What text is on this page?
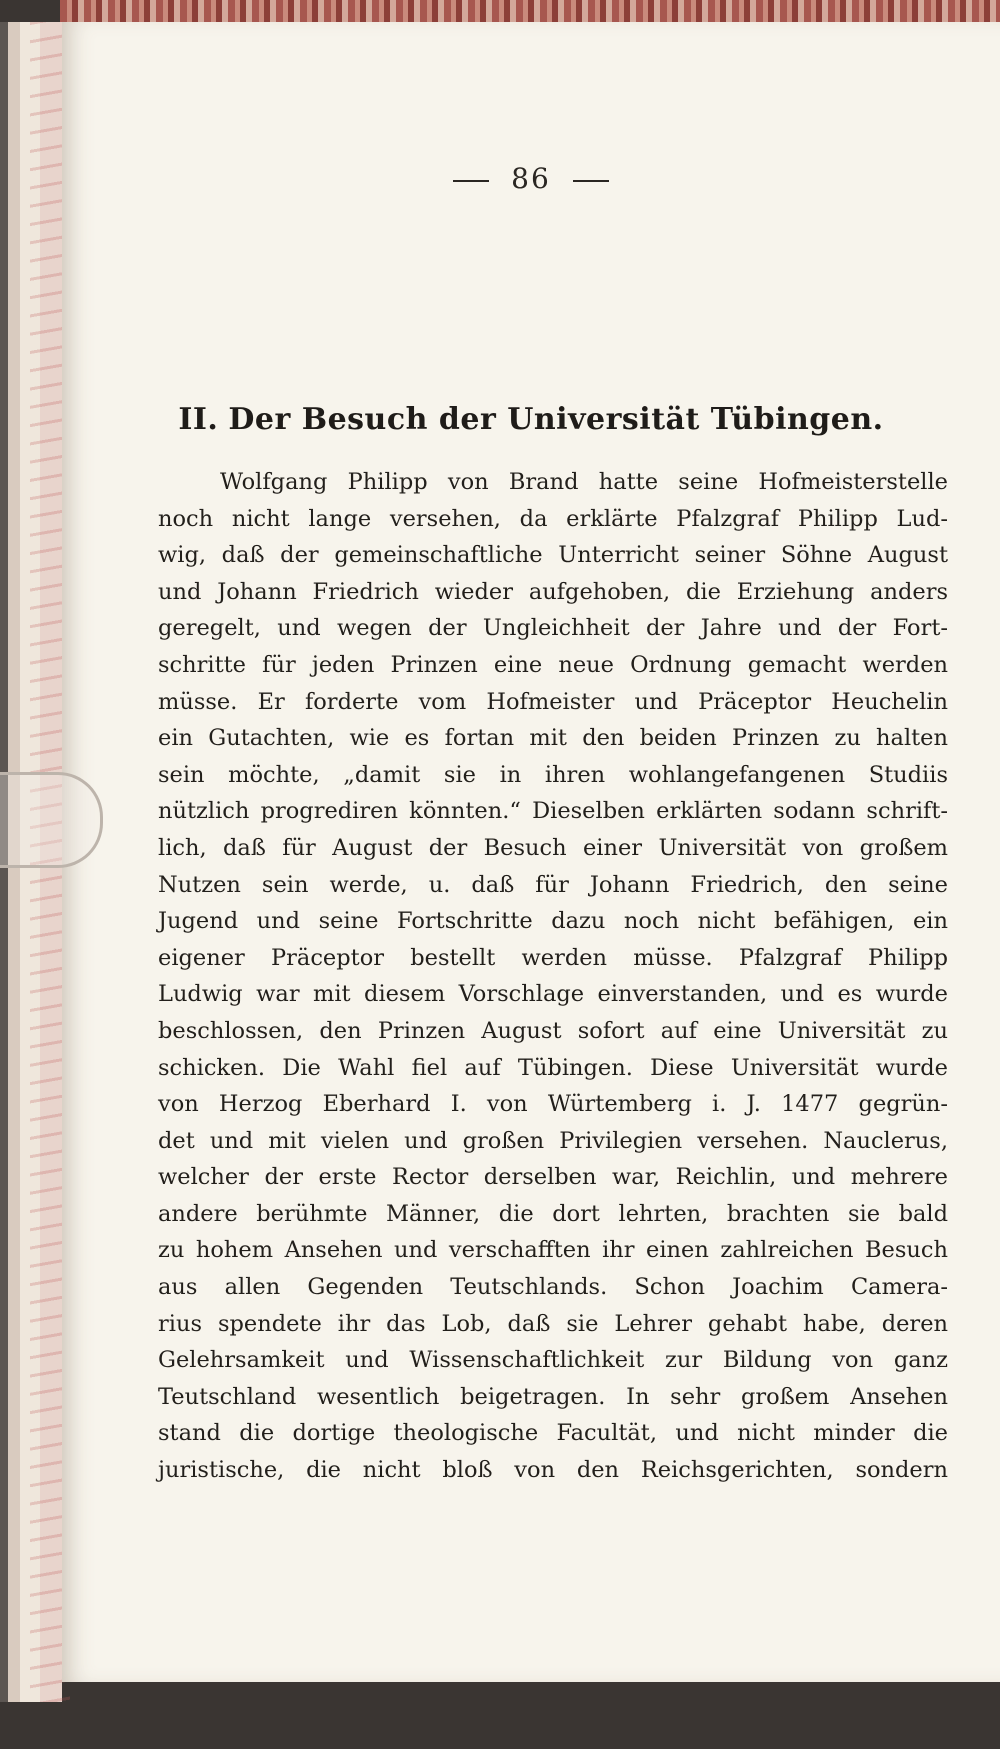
86
II. Der Besuch der Universität Tübingen.
Wolfgang Philipp von Brand hatte seine Hofmeisterstelle
noch nicht lange versehen, da erklärte Pfalzgraf Philipp Lud-
wig, daß der gemeinschaftliche Unterricht seiner Söhne August
und Johann Friedrich wieder aufgehoben, die Erziehung anders
geregelt, und wegen der Ungleichheit der Jahre und der Fort-
schritte für jeden Prinzen eine neue Ordnung gemacht werden
müsse. Er forderte vom Hofmeister und Präceptor Heuchelin
ein Gutachten, wie es fortan mit den beiden Prinzen zu halten
sein möchte, „damit sie in ihren wohlangefangenen Studiis
nützlich progrediren könnten.“ Dieselben erklärten sodann schrift-
lich, daß für August der Besuch einer Universität von großem
Nutzen sein werde, u. daß für Johann Friedrich, den seine
Jugend und seine Fortschritte dazu noch nicht befähigen, ein
eigener Präceptor bestellt werden müsse. Pfalzgraf Philipp
Ludwig war mit diesem Vorschlage einverstanden, und es wurde
beschlossen, den Prinzen August sofort auf eine Universität zu
schicken. Die Wahl fiel auf Tübingen. Diese Universität wurde
von Herzog Eberhard I. von Würtemberg i. J. 1477 gegrün-
det und mit vielen und großen Privilegien versehen. Nauclerus,
welcher der erste Rector derselben war, Reichlin, und mehrere
andere berühmte Männer, die dort lehrten, brachten sie bald
zu hohem Ansehen und verschafften ihr einen zahlreichen Besuch
aus allen Gegenden Teutschlands. Schon Joachim Camera-
rius spendete ihr das Lob, daß sie Lehrer gehabt habe, deren
Gelehrsamkeit und Wissenschaftlichkeit zur Bildung von ganz
Teutschland wesentlich beigetragen. In sehr großem Ansehen
stand die dortige theologische Facultät, und nicht minder die
juristische, die nicht bloß von den Reichsgerichten, sondern
